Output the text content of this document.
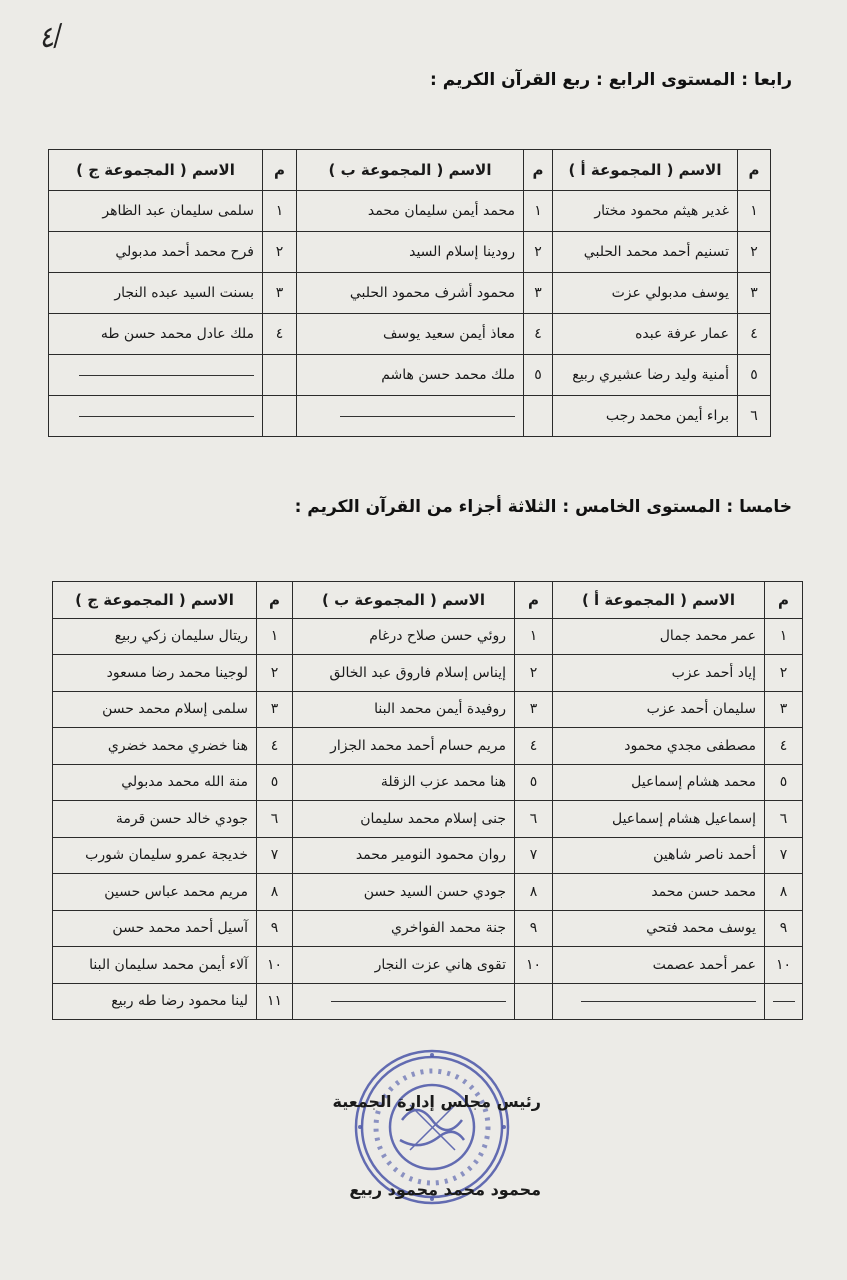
٤/
رابعا : المستوى الرابع : ربع القرآن الكريم :
م	الاسم ( المجموعة أ )	م	الاسم ( المجموعة ب )	م	الاسم ( المجموعة ج )
١	غدير هيثم محمود مختار	١	محمد أيمن سليمان محمد	١	سلمى سليمان عبد الظاهر
٢	تسنيم أحمد محمد الحلبي	٢	رودينا إسلام السيد	٢	فرح محمد أحمد مدبولي
٣	يوسف مدبولي عزت	٣	محمود أشرف محمود الحلبي	٣	بسنت السيد عبده النجار
٤	عمار عرفة عبده	٤	معاذ أيمن سعيد يوسف	٤	ملك عادل محمد حسن طه
٥	أمنية وليد رضا عشيري ربيع	٥	ملك محمد حسن هاشم		
٦	براء أيمن محمد رجب				
خامسا : المستوى الخامس : الثلاثة أجزاء من القرآن الكريم :
م	الاسم ( المجموعة أ )	م	الاسم ( المجموعة ب )	م	الاسم ( المجموعة ج )
١	عمر محمد جمال	١	روئي حسن صلاح درغام	١	ريتال سليمان زكي ربيع
٢	إياد أحمد عزب	٢	إيناس إسلام فاروق عبد الخالق	٢	لوجينا محمد رضا مسعود
٣	سليمان أحمد عزب	٣	روفيدة أيمن محمد البنا	٣	سلمى إسلام محمد حسن
٤	مصطفى مجدي محمود	٤	مريم حسام أحمد محمد الجزار	٤	هنا خضري محمد خضري
٥	محمد هشام إسماعيل	٥	هنا محمد عزب الزقلة	٥	منة الله محمد مدبولي
٦	إسماعيل هشام إسماعيل	٦	جنى إسلام محمد سليمان	٦	جودي خالد حسن قرمة
٧	أحمد ناصر شاهين	٧	روان محمود النومير محمد	٧	خديجة عمرو سليمان شورب
٨	محمد حسن محمد	٨	جودي حسن السيد حسن	٨	مريم محمد عباس حسين
٩	يوسف محمد فتحي	٩	جنة محمد الفواخري	٩	آسيل أحمد محمد حسن
١٠	عمر أحمد عصمت	١٠	تقوى هاني عزت النجار	١٠	آلاء أيمن محمد سليمان البنا
				١١	لينا محمود رضا طه ربيع
رئيس مجلس إدارة الجمعية
محمود محمد محمود ربيع
